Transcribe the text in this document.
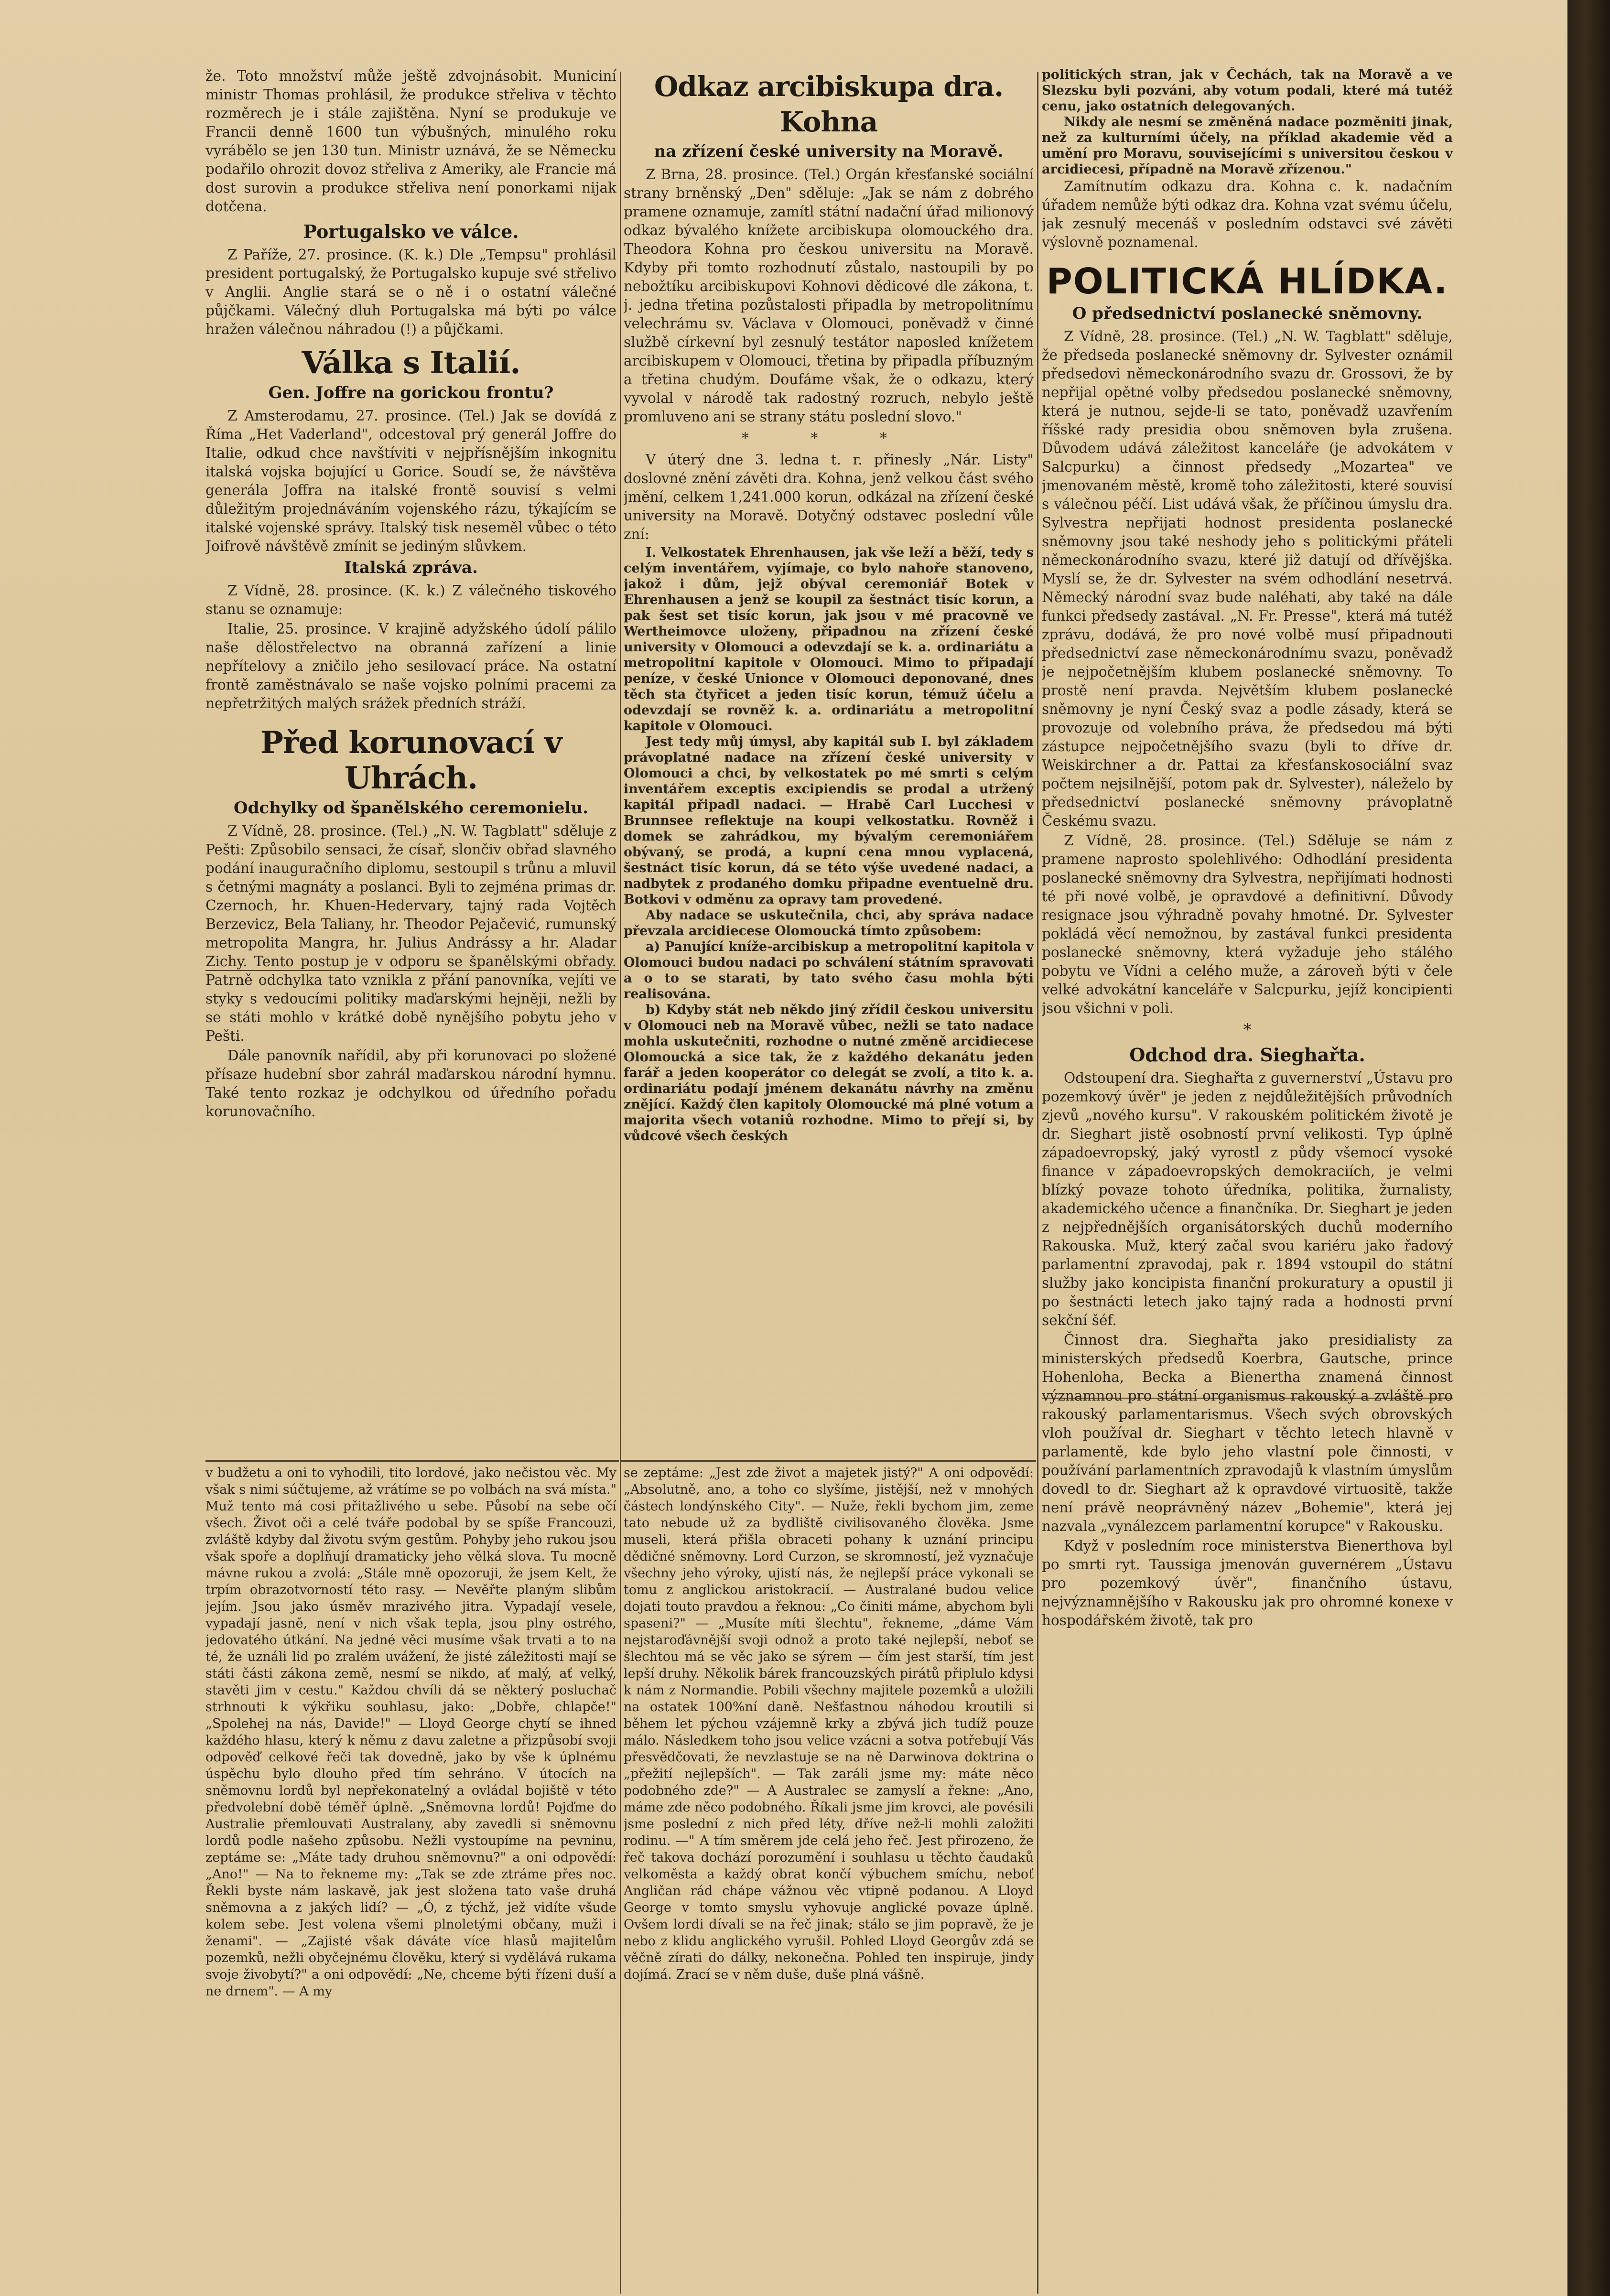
že. Toto množství může ještě zdvojnásobit. Municiní ministr Thomas prohlásil, že produkce střeliva v těchto rozměrech je i stále zajištěna. Nyní se produkuje ve Francii denně 1600 tun výbušných, minulého roku vyrábělo se jen 130 tun. Ministr uznává, že se Německu podařilo ohrozit dovoz střeliva z Ameriky, ale Francie má dost surovin a produkce střeliva není ponorkami nijak dotčena.

Portugalsko ve válce.

Z Paříže, 27. prosince. (K. k.) Dle „Tempsu" prohlásil president portugalský, že Portugalsko kupuje své střelivo v Anglii. Anglie stará se o ně i o ostatní válečné půjčkami. Válečný dluh Portugalska má býti po válce hražen válečnou náhradou (!) a půjčkami.

Válka s Italií.
Gen. Joffre na gorickou frontu?

Z Amsterodamu, 27. prosince. (Tel.) Jak se dovídá z Říma „Het Vaderland", odcestoval prý generál Joffre do Italie, odkud chce navštíviti v nejpřísnějším inkognitu italská vojska bojující u Gorice. Soudí se, že návštěva generála Joffra na italské frontě souvisí s velmi důležitým projednáváním vojenského rázu, týkajícím se italské vojenské správy. Italský tisk neseměl vůbec o této Joifrově návštěvě zmínit se jediným slůvkem.

Italská zpráva.

Z Vídně, 28. prosince. (K. k.) Z válečného tiskového stanu se oznamuje:

Italie, 25. prosince. V krajině adyžského údolí pálilo naše dělostřelectvo na obranná zařízení a linie nepřítelovy a zničilo jeho sesilovací práce. Na ostatní frontě zaměstnávalo se naše vojsko polními pracemi za nepřetržitých malých srážek předních stráží.

Před korunovací v Uhrách.
Odchylky od španělského ceremonielu.

Z Vídně, 28. prosince. (Tel.) „N. W. Tagblatt" sděluje z Pešti: Způsobilo sensaci, že císař, slončiv obřad slavného podání inauguračního diplomu, sestoupil s trůnu a mluvil s četnými magnáty a poslanci. Byli to zejména primas dr. Czernoch, hr. Khuen-Hedervary, tajný rada Vojtěch Berzevicz, Bela Taliany, hr. Theodor Pejačević, rumunský metropolita Mangra, hr. Julius Andrássy a hr. Aladar Zichy. Tento postup je v odporu se španělskými obřady. Patrně odchylka tato vznikla z přání panovníka, vejíti ve styky s vedoucími politiky maďarskými hejněji, nežli by se státi mohlo v krátké době nynějšího pobytu jeho v Pešti.

Dále panovník nařídil, aby při korunovaci po složené přísaze hudební sbor zahrál maďarskou národní hymnu. Také tento rozkaz je odchylkou od úředního pořadu korunovačního.

Odkaz arcibiskupa dra. Kohna
na zřízení české university na Moravě.

Z Brna, 28. prosince. (Tel.) Orgán křesťanské sociální strany brněnský „Den" sděluje: „Jak se nám z dobrého pramene oznamuje, zamítl státní nadační úřad milionový odkaz bývalého knížete arcibiskupa olomouckého dra. Theodora Kohna pro českou universitu na Moravě. Kdyby při tomto rozhodnutí zůstalo, nastoupili by po nebožtíku arcibiskupovi Kohnovi dědicové dle zákona, t. j. jedna třetina pozůstalosti připadla by metropolitnímu velechrámu sv. Václava v Olomouci, poněvadž v činné službě církevní byl zesnulý testátor naposled knížetem arcibiskupem v Olomouci, třetina by připadla příbuzným a třetina chudým. Doufáme však, že o odkazu, který vyvolal v národě tak radostný rozruch, nebylo ještě promluveno ani se strany státu poslední slovo."

* * *

V úterý dne 3. ledna t. r. přinesly „Nár. Listy" doslovné znění závěti dra. Kohna, jenž velkou část svého jmění, celkem 1,241.000 korun, odkázal na zřízení české university na Moravě. Dotyčný odstavec poslední vůle zní:

I. Velkostatek Ehrenhausen, jak vše leží a běží, tedy s celým inventářem, vyjímaje, co bylo nahoře stanoveno, jakož i dům, jejž obýval ceremoniář Botek v Ehrenhausen a jenž se koupil za šestnáct tisíc korun, a pak šest set tisíc korun, jak jsou v mé pracovně ve Wertheimovce uloženy, připadnou na zřízení české university v Olomouci a odevzdají se k. a. ordinariátu a metropolitní kapitole v Olomouci. Mimo to připadají peníze, v české Unionce v Olomouci deponované, dnes těch sta čtyřicet a jeden tisíc korun, témuž účelu a odevzdají se rovněž k. a. ordinariátu a metropolitní kapitole v Olomouci.

Jest tedy můj úmysl, aby kapitál sub I. byl základem právoplatné nadace na zřízení české university v Olomouci a chci, by velkostatek po mé smrti s celým inventářem exceptis excipiendis se prodal a utržený kapitál připadl nadaci. — Hrabě Carl Lucchesi v Brunnsee reflektuje na koupi velkostatku. Rovněž i domek se zahrádkou, my bývalým ceremoniářem obývaný, se prodá, a kupní cena mnou vyplacená, šestnáct tisíc korun, dá se této výše uvedené nadaci, a nadbytek z prodaného domku připadne eventuelně dru. Botkovi v odměnu za opravy tam provedené.

Aby nadace se uskutečnila, chci, aby správa nadace převzala arcidiecese Olomoucká tímto způsobem:

a) Panující kníže-arcibiskup a metropolitní kapitola v Olomouci budou nadaci po schválení státním spravovati a o to se starati, by tato svého času mohla býti realisována.

b) Kdyby stát neb někdo jiný zřídil českou universitu v Olomouci neb na Moravě vůbec, nežli se tato nadace mohla uskutečniti, rozhodne o nutné změně arcidiecese Olomoucká a sice tak, že z každého dekanátu jeden farář a jeden kooperátor co delegát se zvolí, a tito k. a. ordinariátu podají jménem dekanátu návrhy na změnu znějící. Každý člen kapitoly Olomoucké má plné votum a majorita všech votaniů rozhodne. Mimo to přejí si, by vůdcové všech českých

politických stran, jak v Čechách, tak na Moravě a ve Slezsku byli pozváni, aby votum podali, které má tutéž cenu, jako ostatních delegovaných.

Nikdy ale nesmí se změněná nadace pozměniti jinak, než za kulturními účely, na příklad akademie věd a umění pro Moravu, souvisejícími s universitou českou v arcidiecesi, případně na Moravě zřízenou."

Zamítnutím odkazu dra. Kohna c. k. nadačním úřadem nemůže býti odkaz dra. Kohna vzat svému účelu, jak zesnulý mecenáš v posledním odstavci své závěti výslovně poznamenal.

POLITICKÁ HLÍDKA.
O předsednictví poslanecké sněmovny.

Z Vídně, 28. prosince. (Tel.) „N. W. Tagblatt" sděluje, že předseda poslanecké sněmovny dr. Sylvester oznámil předsedovi německonárodního svazu dr. Grossovi, že by nepřijal opětné volby předsedou poslanecké sněmovny, která je nutnou, sejde-li se tato, poněvadž uzavřením říšské rady presidia obou sněmoven byla zrušena. Důvodem udává záležitost kanceláře (je advokátem v Salcpurku) a činnost předsedy „Mozartea" ve jmenovaném městě, kromě toho záležitosti, které souvisí s válečnou péčí. List udává však, že příčinou úmyslu dra. Sylvestra nepřijati hodnost presidenta poslanecké sněmovny jsou také neshody jeho s politickými přáteli německonárodního svazu, které již datují od dřívějška. Myslí se, že dr. Sylvester na svém odhodlání nesetrvá. Německý národní svaz bude naléhati, aby také na dále funkci předsedy zastával. „N. Fr. Presse", která má tutéž zprávu, dodává, že pro nové volbě musí připadnouti předsednictví zase německonárodnímu svazu, poněvadž je nejpočetnějším klubem poslanecké sněmovny. To prostě není pravda. Největším klubem poslanecké sněmovny je nyní Český svaz a podle zásady, která se provozuje od volebního práva, že předsedou má býti zástupce nejpočetnějšího svazu (byli to dříve dr. Weiskirchner a dr. Pattai za křesťanskosociální svaz počtem nejsilnější, potom pak dr. Sylvester), náleželo by předsednictví poslanecké sněmovny právoplatně Českému svazu.

Z Vídně, 28. prosince. (Tel.) Sděluje se nám z pramene naprosto spolehlivého: Odhodlání presidenta poslanecké sněmovny dra Sylvestra, nepřijímati hodnosti té při nové volbě, je opravdové a definitivní. Důvody resignace jsou výhradně povahy hmotné. Dr. Sylvester pokládá věcí nemožnou, by zastával funkci presidenta poslanecké sněmovny, která vyžaduje jeho stálého pobytu ve Vídni a celého muže, a zároveň býti v čele velké advokátní kanceláře v Salcpurku, jejíž koncipienti jsou všichni v poli.

*
Odchod dra. Sieghařta.

Odstoupení dra. Sieghařta z guvernerství „Ústavu pro pozemkový úvěr" je jeden z nejdůležitějších průvodních zjevů „nového kursu". V rakouském politickém životě je dr. Sieghart jistě osobností první velikosti. Typ úplně západoevropský, jaký vyrostl z půdy všemocí vysoké finance v západoevropských demokraciích, je velmi blízký povaze tohoto úředníka, politika, žurnalisty, akademického učence a finančníka. Dr. Sieghart je jeden z nejpřednějších organisátorských duchů moderního Rakouska. Muž, který začal svou kariéru jako řadový parlamentní zpravodaj, pak r. 1894 vstoupil do státní služby jako koncipista finanční prokuratury a opustil ji po šestnácti letech jako tajný rada a hodnosti první sekční šéf.

Činnost dra. Sieghařta jako presidialisty za ministerských předsedů Koerbra, Gautsche, prince Hohenloha, Becka a Bienertha znamená činnost významnou pro státní organismus rakouský a zvláště pro rakouský parlamentarismus. Všech svých obrovských vloh používal dr. Sieghart v těchto letech hlavně v parlamentě, kde bylo jeho vlastní pole činnosti, v používání parlamentních zpravodajů k vlastním úmyslům dovedl to dr. Sieghart až k opravdové virtuositě, takže není právě neoprávněný název „Bohemie", která jej nazvala „vynálezcem parlamentní korupce" v Rakousku.

Když v posledním roce ministerstva Bienerthova byl po smrti ryt. Taussiga jmenován guvernérem „Ústavu pro pozemkový úvěr", finančního ústavu, nejvýznamnějšího v Rakousku jak pro ohromné konexe v hospodářském životě, tak pro

v budžetu a oni to vyhodili, tito lordové, jako nečistou věc. My však s nimi súčtujeme, až vrátíme se po volbách na svá místa." Muž tento má cosi přitažlivého u sebe. Působí na sebe očí všech. Život oči a celé tváře podobal by se spíše Francouzi, zvláště kdyby dal životu svým gestům. Pohyby jeho rukou jsou však spoře a doplňují dramaticky jeho vělká slova. Tu mocně mávne rukou a zvolá: „Stále mně opozoruji, že jsem Kelt, že trpím obrazotvorností této rasy. — Nevěřte planým slibům jejím. Jsou jako úsměv mrazivého jitra. Vypadají vesele, vypadají jasně, není v nich však tepla, jsou plny ostrého, jedovatého útkání. Na jedné věci musíme však trvati a to na té, že uználi lid po zralém uvážení, že jisté záležitosti mají se státi části zákona země, nesmí se nikdo, ať malý, ať velký, stavěti jim v cestu." Každou chvíli dá se některý posluchač strhnouti k výkřiku souhlasu, jako: „Dobře, chlapče!" „Spolehej na nás, Davide!" — Lloyd George chytí se ihned každého hlasu, který k němu z davu zaletne a přizpůsobí svoji odpověď celkové řeči tak dovedně, jako by vše k úplnému úspěchu bylo dlouho před tím sehráno. V útocích na sněmovnu lordů byl nepřekonatelný a ovládal bojiště v této předvolební době téměř úplně. „Sněmovna lordů! Pojďme do Australie přemlouvati Australany, aby zavedli si sněmovnu lordů podle našeho způsobu. Nežli vystoupíme na pevninu, zeptáme se: „Máte tady druhou sněmovnu?" a oni odpovědí: „Ano!" — Na to řekneme my: „Tak se zde ztráme přes noc. Řekli byste nám laskavě, jak jest složena tato vaše druhá sněmovna a z jakých lidí? — „Ó, z týchž, jež vidíte všude kolem sebe. Jest volena všemi plnoletými občany, muži i ženami". — „Zajisté však dáváte více hlasů majitelům pozemků, nežli obyčejnému člověku, který si vydělává rukama svoje živobytí?" a oni odpovědí: „Ne, chceme býti řízeni duší a ne drnem". — A my

se zeptáme: „Jest zde život a majetek jistý?" A oni odpovědí: „Absolutně, ano, a toho co slyšíme, jistější, než v mnohých částech londýnského City". — Nuže, řekli bychom jim, zeme tato nebude už za bydliště civilisovaného člověka. Jsme museli, která přišla obraceti pohany k uznání principu dědičné sněmovny. Lord Curzon, se skromností, jež vyznačuje všechny jeho výroky, ujistí nás, že nejlepší práce vykonali se tomu z anglickou aristokracií. — Australané budou velice dojati touto pravdou a řeknou: „Co činiti máme, abychom byli spaseni?" — „Musíte míti šlechtu", řekneme, „dáme Vám nejstaroďávnější svoji odnož a proto také nejlepší, neboť se šlechtou má se věc jako se sýrem — čím jest starší, tím jest lepší druhy. Několik bárek francouzských pirátů připlulo kdysi k nám z Normandie. Pobili všechny majitele pozemků a uložili na ostatek 100%ní daně. Nešťastnou náhodou kroutili si během let pýchou vzájemně krky a zbývá jich tudíž pouze málo. Následkem toho jsou velice vzácni a sotva potřebují Vás přesvědčovati, že nevzlastuje se na ně Darwinova doktrina o „přežití nejlepších". — Tak zaráli jsme my: máte něco podobného zde?" — A Australec se zamyslí a řekne: „Ano, máme zde něco podobného. Říkali jsme jim krovci, ale povésili jsme poslední z nich před léty, dříve než-li mohli založiti rodinu. —" A tím směrem jde celá jeho řeč. Jest přirozeno, že řeč takova dochází porozumění i souhlasu u těchto čaudaků velkoměsta a každý obrat končí výbuchem smíchu, neboť Angličan rád chápe vážnou věc vtipně podanou. A Lloyd George v tomto smyslu vyhovuje anglické povaze úplně. Ovšem lordi dívali se na řeč jinak; stálo se jim popravě, že je nebo z klidu anglického vyrušil. Pohled Lloyd Georgův zdá se věčně zírati do dálky, nekonečna. Pohled ten inspiruje, jindy dojímá. Zrací se v něm duše, duše plná vášně.
